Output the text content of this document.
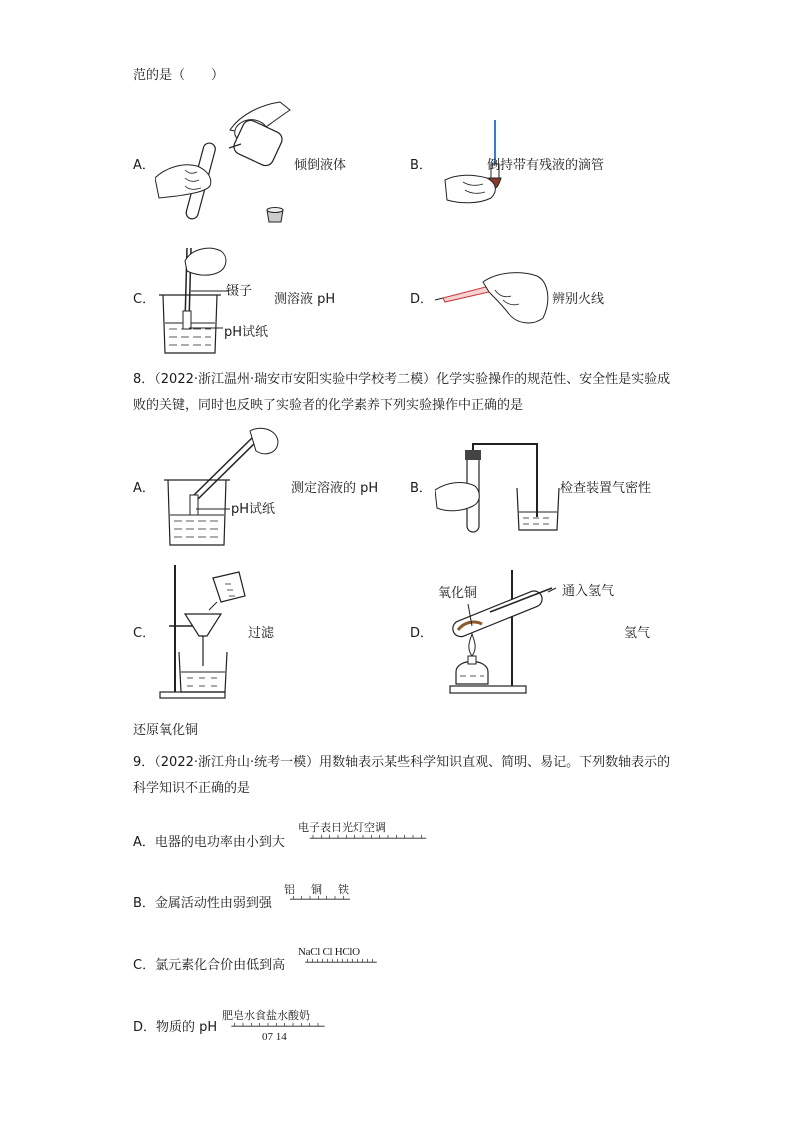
范的是（　　）
A．	倾倒液体	B．	倒持带有残液的滴管
C．
镊子
pH试纸
测溶液 pH	D．	辨别火线
8．（2022·浙江温州·瑞安市安阳实验中学校考二模）化学实验操作的规范性、安全性是实验成败的关键，同时也反映了实验者的化学素养下列实验操作中正确的是
A．
pH试纸
测定溶液的 pH B．	检查装置气密性
C．	过滤	D．
氧化铜	通入氢气
氢气
还原氧化铜
9．（2022·浙江舟山·统考一模）用数轴表示某些科学知识直观、简明、易记。下列数轴表示的科学知识不正确的是
A．电器的电功率由小到大
电子表日光灯空调
B．金属活动性由弱到强
铝铜铁
C．氯元素化合价由低到高
NaCl Cl HClO
D．物质的 pH
肥皂水食盐水酸奶
07 14
